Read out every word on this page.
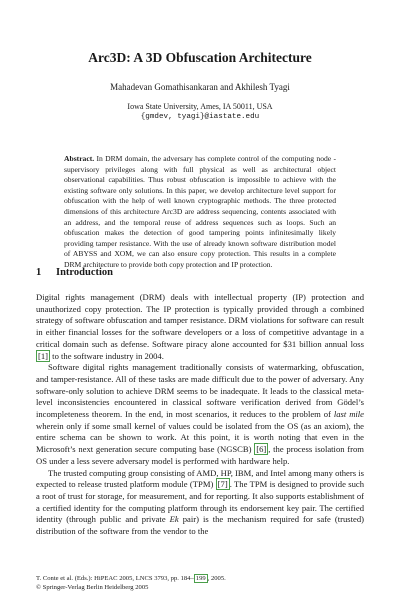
Arc3D: A 3D Obfuscation Architecture
Mahadevan Gomathisankaran and Akhilesh Tyagi
Iowa State University, Ames, IA 50011, USA
{gmdev, tyagi}@iastate.edu
Abstract. In DRM domain, the adversary has complete control of the computing node - supervisory privileges along with full physical as well as architectural object observational capabilities. Thus robust obfuscation is impossible to achieve with the existing software only solutions. In this paper, we develop architecture level support for obfuscation with the help of well known cryptographic methods. The three protected dimensions of this architecture Arc3D are address sequencing, contents associated with an address, and the temporal reuse of address sequences such as loops. Such an obfuscation makes the detection of good tampering points infinitesimally likely providing tamper resistance. With the use of already known software distribution model of ABYSS and XOM, we can also ensure copy protection. This results in a complete DRM architecture to provide both copy protection and IP protection.
1 Introduction

Digital rights management (DRM) deals with intellectual property (IP) protection and unauthorized copy protection. The IP protection is typically provided through a combined strategy of software obfuscation and tamper resistance. DRM violations for software can result in either financial losses for the software developers or a loss of competitive advantage in a critical domain such as defense. Software piracy alone accounted for $31 billion annual loss [1] to the software industry in 2004.

Software digital rights management traditionally consists of watermarking, obfuscation, and tamper-resistance. All of these tasks are made difficult due to the power of adversary. Any software-only solution to achieve DRM seems to be inadequate. It leads to the classical meta-level inconsistencies encountered in classical software verification derived from Gödel’s incompleteness theorem. In the end, in most scenarios, it reduces to the problem of last mile wherein only if some small kernel of values could be isolated from the OS (as an axiom), the entire schema can be shown to work. At this point, it is worth noting that even in the Microsoft’s next generation secure computing base (NGSCB) [6] , the process isolation from OS under a less severe adversary model is performed with hardware help.

The trusted computing group consisting of AMD, HP, IBM, and Intel among many others is expected to release trusted platform module (TPM) [7] . The TPM is designed to provide such a root of trust for storage, for measurement, and for reporting. It also supports establishment of a certified identity for the computing platform through its endorsement key pair. The certified identity (through public and private Ek pair) is the mechanism required for safe (trusted) distribution of the software from the vendor to the

T. Conte et al. (Eds.): HiPEAC 2005, LNCS 3793, pp. 184– 199 , 2005.
© Springer-Verlag Berlin Heidelberg 2005
